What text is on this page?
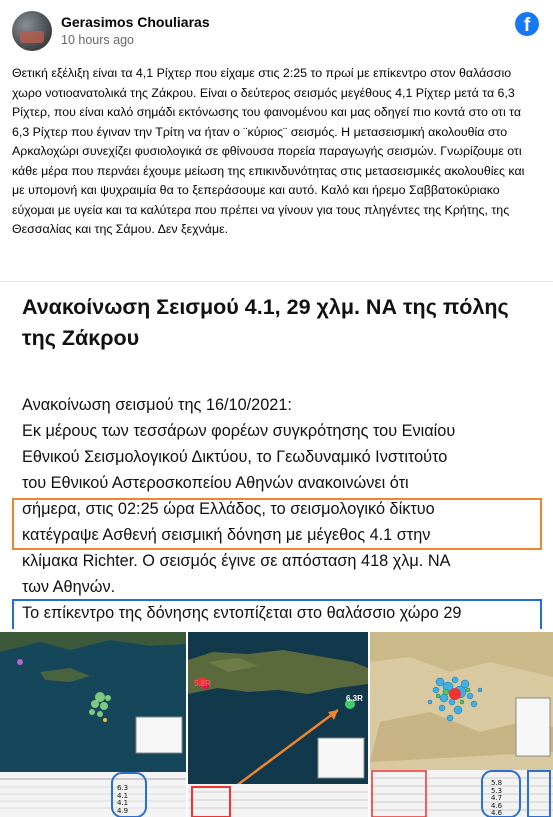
Gerasimos Chouliaras
10 hours ago
f
Θετική εξέλιξη είναι τα 4,1 Ρίχτερ που είχαμε στις 2:25 το πρωί με επίκεντρο στον θαλάσσιο χωρο νοτιοανατολικά της Ζάκρου. Είναι ο δεύτερος σεισμός μεγέθους 4,1 Ρίχτερ μετά τα 6,3 Ρίχτερ, που είναι καλό σημάδι εκτόνωσης του φαινομένου και μας οδηγεί πιο κοντά στο οτι τα 6,3 Ρίχτερ που έγιναν την Τρίτη να ήταν ο ¨κύριος¨ σεισμός. Η μετασεισμική ακολουθία στο Αρκαλοχώρι συνεχίζει φυσιολογικά σε φθίνουσα πορεία παραγωγής σεισμών. Γνωρίζουμε οτι κάθε μέρα που περνάει έχουμε μείωση της επικινδυνότητας στις μετασεισμικές ακολουθίες και με υπομονή και ψυχραιμία θα το ξεπεράσουμε και αυτό. Καλό και ήρεμο Σαββατοκύριακο εύχομαι με υγεία και τα καλύτερα που πρέπει να γίνουν για τους πληγέντες της Κρήτης, της Θεσσαλίας και της Σάμου. Δεν ξεχνάμε.
Ανακοίνωση Σεισμού 4.1, 29 χλμ. ΝΑ της πόλης της Ζάκρου
Ανακοίνωση σεισμού της 16/10/2021:
Εκ μέρους των τεσσάρων φορέων συγκρότησης του Ενιαίου
Εθνικού Σεισμολογικού Δικτύου, το Γεωδυναμικό Ινστιτούτο
του Εθνικού Αστεροσκοπείου Αθηνών ανακοινώνει ότι
σήμερα, στις 02:25 ώρα Ελλάδος, το σεισμολογικό δίκτυο
κατέγραψε Ασθενή σεισμική δόνηση με μέγεθος 4.1 στην
κλίμακα Richter. Ο σεισμός έγινε σε απόσταση 418 χλμ. ΝΑ
των Αθηνών.
Το επίκεντρο της δόνησης εντοπίζεται στο θαλάσσιο χώρο 29
6.3
4.1
4.1
4.9
5.8R
6.3R
5.8
5.3
4.7
4.6
4.6
